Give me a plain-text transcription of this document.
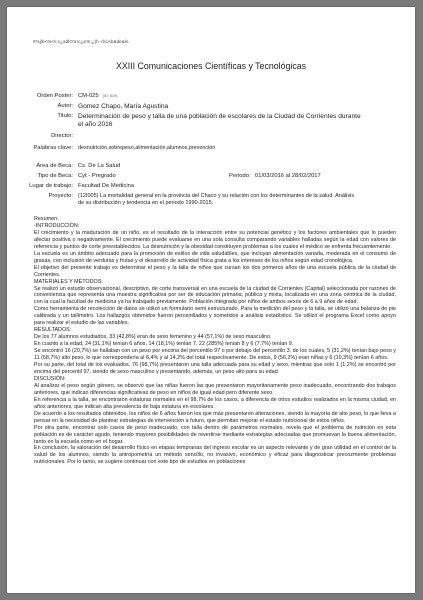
#%j/b<m<!i;c¿adlO'a!c¿a'm;¿(h <l/cAb&de&le
XXIII Comunicaciones Científicas y Tecnológicas
Orden Poster: CM-025 (ID: 819)
Autor: Gomez Chapo, María Agustina
Titulo: Determinación de peso y talla de una población de escolares de la Ciudad de Corrientes durante
el año 2016
Director:
Palabras clave: desnutrición,sobrepeso,alimentación,alumnos,prevención
Área de Beca: Cs. De La Salud
Tipo de Beca: Cyt - Pregrado	Periodo: 01/03/2016 al 28/02/2017
Lugar de trabajo: Facultad De Medicina
Proyecto: (12I005) La mortalidad general en la provincia del Chaco y su relación con los determinantes de la salud. Análisis
de su distribución y tendencia en el periodo 1990-2015.

Resumen:

-INTRODUCCIÓN:

El crecimiento y la maduración de un niño, es el resultado de la interacción entre su potencial genético y los factores ambientales que lo pueden afectar positiva o negativamente. El crecimiento puede evaluarse en una sola consulta comparando variables halladas según la edad con valores de referencia y puntos de corte preestablecidos. La desnutrición y la obesidad constituyen problemas a los cuales el médico se enfrenta frecuentemente.

La escuela es un ámbito adecuado para la promoción de estilos de vida saludables, que incluyan alimentación variada, moderada en el consumo de grasas, con inclusión de verduras y frutas y el desarrollo de actividad física grata a los intereses de los niños según edad cronológica.

El objetivo del presente trabajo es determinar el peso y la talla de niños que cursan los dos primeros años de una escuela pública de la ciudad de Corrientes.

MATERIALES Y MÉTODOS:

Se realizó un estudio observacional, descriptivo, de corte transversal en una escuela de la ciudad de Corrientes (Capital) seleccionada por razones de conveniencia que representa una muestra significativa por ser de educación primaria, pública y mixta, localizada en una zona céntrica de la ciudad, con la cual la facultad de medicina ya ha trabajado previamente. Población integrada por niños de ambos sexos de 6 a 9 años de edad.

Como herramienta de recolección de datos se utilizó un formulario semi estructurado. Para la medición del peso y la talla, se utilizó una balanza de pie calibrada y un tallímetro. Los hallazgos obtenidos fueron percentilados y sometidos a análisis estadístico. Se utilizó el programa Excel como apoyo para realizar el estudio de las variables.

RESULTADOS:

De los 77 alumnos estudiados, 33 (42,8%) eran de sexo femenino y 44 (57,1%) de sexo masculino.

En cuanto a la edad, 24 (31,1%) tenían 6 años, 14 (18,1%) tenían 7, 22 (285%) tenían 8 y 6 (7,7%) tenían 9.

Se encontró 16 (20,7%) se hallaban con un peso por encima del percentilo 97 o por debajo del percentilo 3, de los cuales, 5 (31,2%) tenían bajo peso y 11 (68,7%) alto peso, lo que correspondería al 6,4% y al 14,2% del total respectivamente. De estos, 9 (56,2%) eran niñas y 6 (10,3%) tenían 6 años.

Por su parte, del total de los evaluados, 76 (98,7%) presentaron una talla adecuada para su edad y sexo, mientras que solo 1 (1,2%) se encontró por encima del percentil 97, siendo de sexo masculino y presentando, además, un peso alto para su edad.

DISCUSIÓN:

Al analizar el peso según género, se observó que las niñas fueron las que presentaron mayoritariamente peso inadecuado, encontrando dos trabajos anteriores, que indican diferencias significativas de peso en niños de igual edad pero diferente sexo.

En referencia a la talla, se encontraron estaturas normales en el 98,7% de los casos, a diferencia de otros estudios realizados en la misma ciudad, en años anteriores, que indican alta prevalencia de baja estatura en escolares.

De acuerdo a los resultados obtenidos, los niños de 6 años fueron los que más presentaron alteraciones, siendo la mayoría de alto peso, lo que lleva a pensar en la necesidad de plantear estrategias de intervención a futuro, que permitan mejorar el estado nutricional de estos niños.

Por otra parte, encontrar solo casos de peso inadecuado, con talla dentro de parámetros normales, revela que el problema de nutrición en esta población es de carácter agudo, teniendo mayores posibilidades de revertirse mediante estrategias adecuadas que promuevan la buena alimentación, tanto en la escuela como en el hogar.

En conclusión, la valoración del desarrollo físico en etapas tempranas del ingreso escolar es un aspecto relevante y de gran utilidad en el control de la salud de los alumnos, siendo la antropometría un método sencillo, no invasivo, económico y eficaz para diagnosticar precozmente problemas nutricionales. Por lo tanto, se sugiere continuar con este tipo de estudios en poblaciones
